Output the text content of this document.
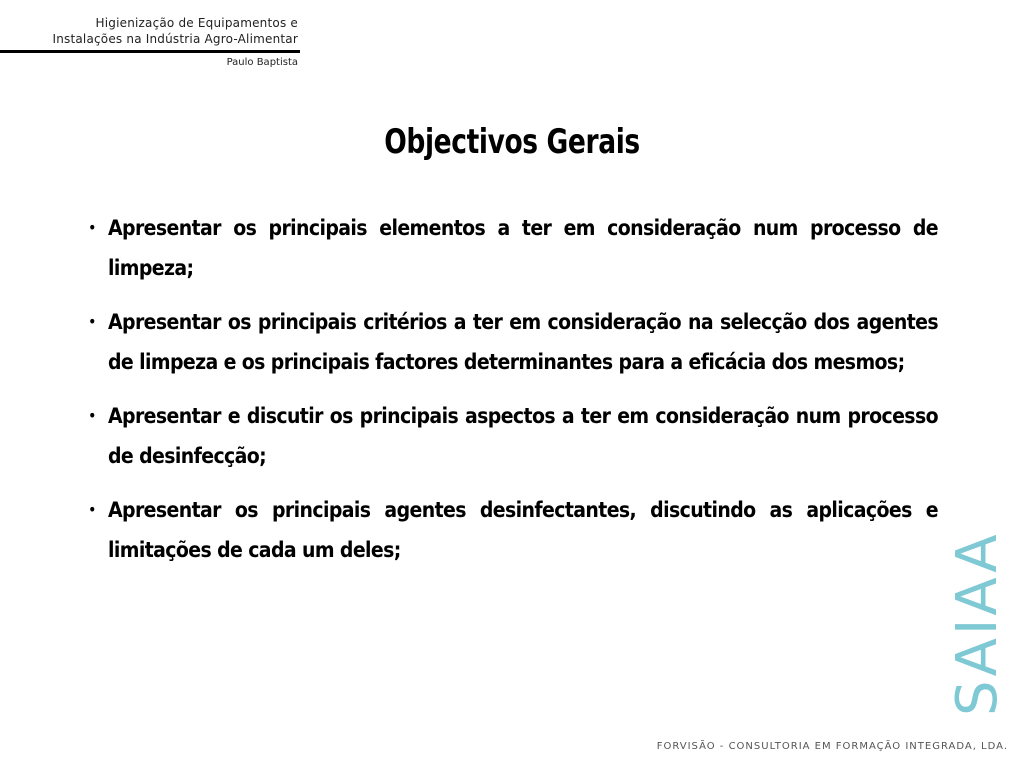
Higienização de Equipamentos e
Instalações na Indústria Agro-Alimentar
Paulo Baptista
Objectivos Gerais
• Apresentar os principais elementos a ter em consideração num processo de limpeza;
• Apresentar os principais critérios a ter em consideração na selecção dos agentes de limpeza e os principais factores determinantes para a eficácia dos mesmos;
• Apresentar e discutir os principais aspectos a ter em consideração num processo de desinfecção;
• Apresentar os principais agentes desinfectantes, discutindo as aplicações e limitações de cada um deles;	SAIAA
FORVISÃO - CONSULTORIA EM FORMAÇÃO INTEGRADA, LDA.
